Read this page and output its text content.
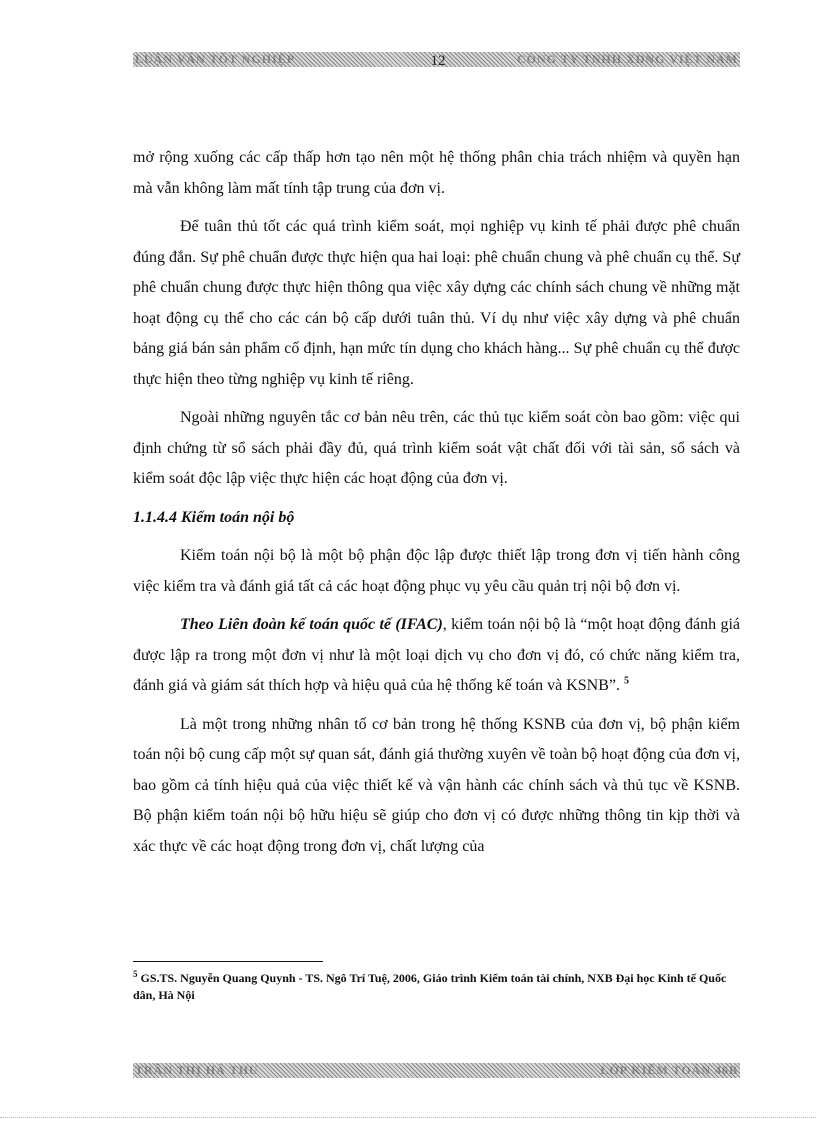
LUẬN VĂN TỐT NGHIỆP	CÔNG TY TNHH XDNG VIỆT NAM
12

mở rộng xuống các cấp thấp hơn tạo nên một hệ thống phân chia trách nhiệm và quyền hạn mà vẫn không làm mất tính tập trung của đơn vị.

Để tuân thủ tốt các quá trình kiểm soát, mọi nghiệp vụ kinh tế phải được phê chuẩn đúng đắn. Sự phê chuẩn được thực hiện qua hai loại: phê chuẩn chung và phê chuẩn cụ thể. Sự phê chuẩn chung được thực hiện thông qua việc xây dựng các chính sách chung về những mặt hoạt động cụ thể cho các cán bộ cấp dưới tuân thủ. Ví dụ như việc xây dựng và phê chuẩn bảng giá bán sản phẩm cố định, hạn mức tín dụng cho khách hàng... Sự phê chuẩn cụ thể được thực hiện theo từng nghiệp vụ kinh tế riêng.

Ngoài những nguyên tắc cơ bản nêu trên, các thủ tục kiểm soát còn bao gồm: việc qui định chứng từ sổ sách phải đầy đủ, quá trình kiểm soát vật chất đối với tài sản, sổ sách và kiểm soát độc lập việc thực hiện các hoạt động của đơn vị.

1.1.4.4 Kiểm toán nội bộ

Kiểm toán nội bộ là một bộ phận độc lập được thiết lập trong đơn vị tiến hành công việc kiểm tra và đánh giá tất cả các hoạt động phục vụ yêu cầu quản trị nội bộ đơn vị.

Theo Liên đoàn kế toán quốc tế (IFAC), kiểm toán nội bộ là “một hoạt động đánh giá được lập ra trong một đơn vị như là một loại dịch vụ cho đơn vị đó, có chức năng kiểm tra, đánh giá và giám sát thích hợp và hiệu quả của hệ thống kế toán và KSNB”. $^5$

Là một trong những nhân tố cơ bản trong hệ thống KSNB của đơn vị, bộ phận kiểm toán nội bộ cung cấp một sự quan sát, đánh giá thường xuyên về toàn bộ hoạt động của đơn vị, bao gồm cả tính hiệu quả của việc thiết kế và vận hành các chính sách và thủ tục về KSNB. Bộ phận kiểm toán nội bộ hữu hiệu sẽ giúp cho đơn vị có được những thông tin kịp thời và xác thực về các hoạt động trong đơn vị, chất lượng của

$^5$ GS.TS. Nguyễn Quang Quynh - TS. Ngô Trí Tuệ, 2006, Giáo trình Kiểm toán tài chính, NXB Đại học Kinh tế Quốc dân, Hà Nội
TRẦN THỊ HÀ THU	LỚP KIỂM TOÁN 46B
